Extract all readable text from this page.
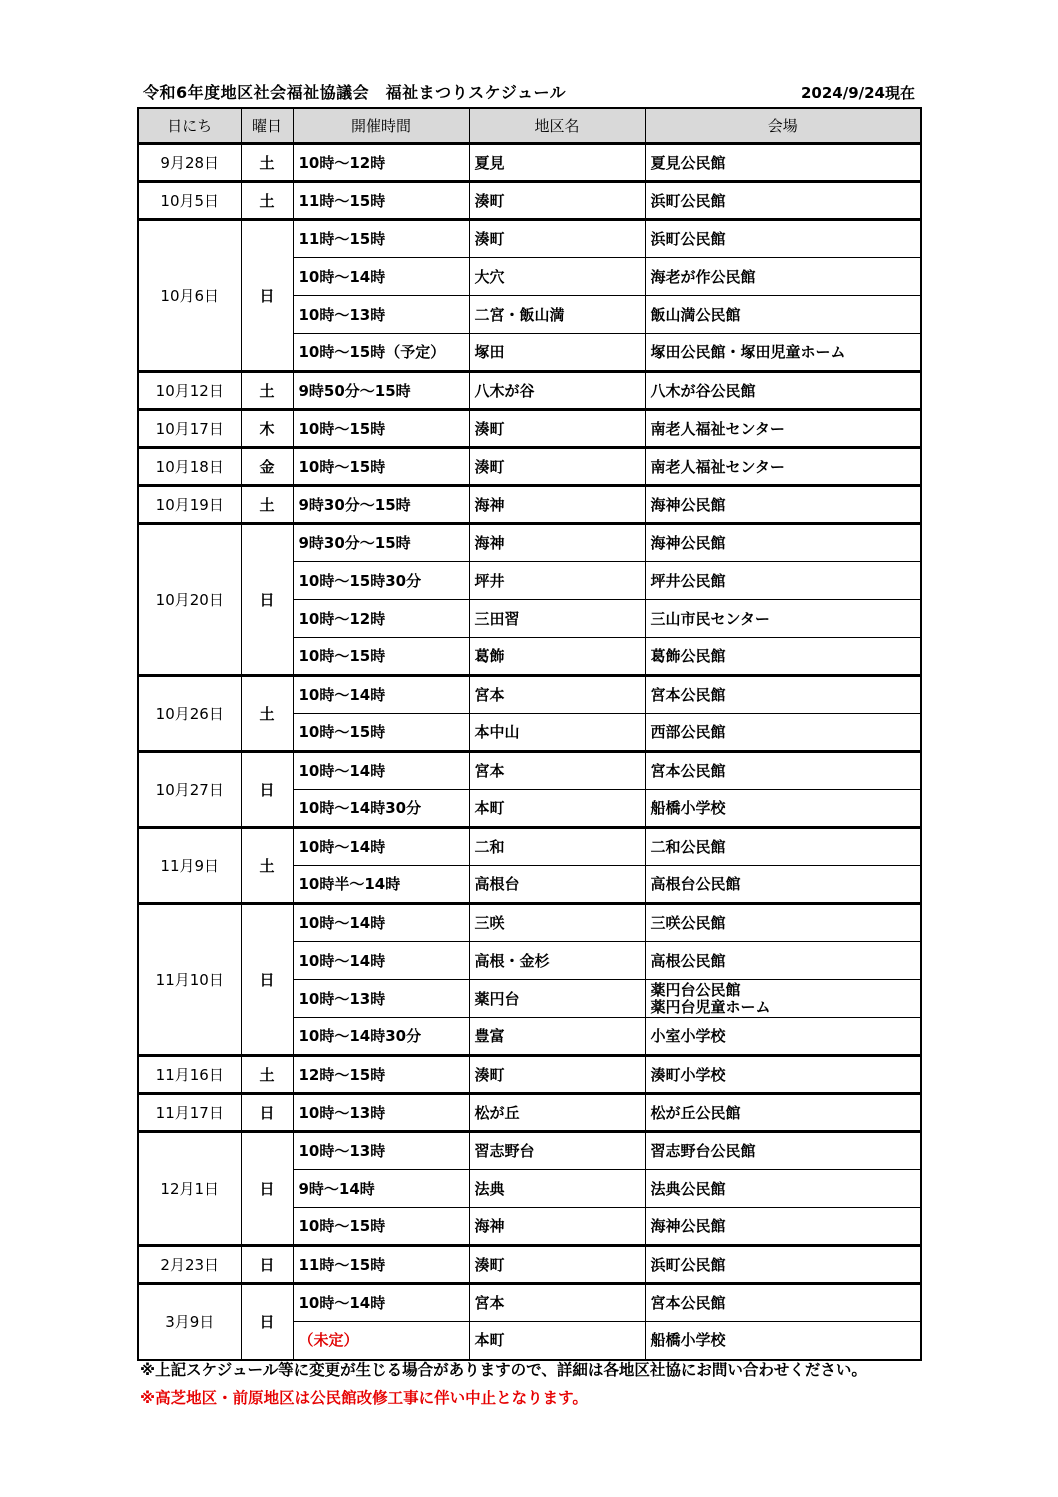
令和6年度地区社会福祉協議会　福祉まつりスケジュール	2024/9/24現在
日にち	曜日	開催時間	地区名	会場
9月28日	土	10時～12時	夏見	夏見公民館
10月5日	土	11時～15時	湊町	浜町公民館
10月6日	日	11時～15時	湊町	浜町公民館
		10時～14時	大穴	海老が作公民館
		10時～13時	二宮・飯山満	飯山満公民館
		10時～15時（予定）	塚田	塚田公民館・塚田児童ホーム
10月12日	土	9時50分～15時	八木が谷	八木が谷公民館
10月17日	木	10時～15時	湊町	南老人福祉センター
10月18日	金	10時～15時	湊町	南老人福祉センター
10月19日	土	9時30分～15時	海神	海神公民館
10月20日	日	9時30分～15時	海神	海神公民館
		10時～15時30分	坪井	坪井公民館
		10時～12時	三田習	三山市民センター
		10時～15時	葛飾	葛飾公民館
10月26日	土	10時～14時	宮本	宮本公民館
		10時～15時	本中山	西部公民館
10月27日	日	10時～14時	宮本	宮本公民館
		10時～14時30分	本町	船橋小学校
11月9日	土	10時～14時	二和	二和公民館
		10時半～14時	高根台	高根台公民館
11月10日	日	10時～14時	三咲	三咲公民館
		10時～14時	高根・金杉	高根公民館
		10時～13時	薬円台	薬円台公民館
薬円台児童ホーム

		10時～14時30分	豊富	小室小学校
11月16日	土	12時～15時	湊町	湊町小学校
11月17日	日	10時～13時	松が丘	松が丘公民館
12月1日	日	10時～13時	習志野台	習志野台公民館
		9時～14時	法典	法典公民館
		10時～15時	海神	海神公民館
2月23日	日	11時～15時	湊町	浜町公民館
3月9日	日	10時～14時	宮本	宮本公民館
		（未定）	本町	船橋小学校
※上記スケジュール等に変更が生じる場合がありますので、詳細は各地区社協にお問い合わせください。
※高芝地区・前原地区は公民館改修工事に伴い中止となります。
